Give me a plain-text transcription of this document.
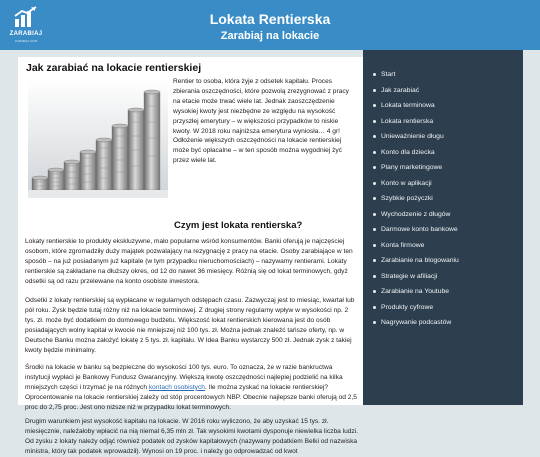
ZARABIAJ
ZARABIAJ.COM
Lokata Rentierska
Zarabiaj na lokacie
Jak zarabiać na lokacie rentierskiej

Rentier to osoba, która żyje z odsetek kapitału. Proces zbierania oszczędności, które pozwolą zrezygnować z pracy na etacie może trwać wiele lat. Jednak zaoszczędzenie wysokiej kwoty jest niezbędne ze względu na wysokość przyszłej emerytury – w większości przypadków to niskie kwoty. W 2018 roku najniższa emerytura wyniosła… 4 gr! Odłożenie większych oszczędności na lokacie rentierskiej może być opłacalne – w ten sposób można wygodniej żyć przez wiele lat.

Czym jest lokata rentierska?

Lokaty rentierskie to produkty ekskluzywne, mało popularne wśród konsumentów. Banki oferują je najczęściej osobom, które zgromadziły duży majątek pozwalający na rezygnację z pracy na etacie. Osoby zarabiające w ten sposób – na już posiadanym już kapitale (w tym przypadku nieruchomościach) – nazywamy rentierami. Lokaty rentierskie są zakładane na dłuższy okres, od 12 do nawet 36 miesięcy. Różnią się od lokat terminowych, gdyż odsetki są od razu przelewane na konto osobiste inwestora.

Odsetki z lokaty rentierskiej są wypłacane w regularnych odstępach czasu. Zazwyczaj jest to miesiąc, kwartał lub pół roku. Zysk będzie tutaj różny niż na lokacie terminowej. Z drugiej strony regularny wpływ w wysokości np. 2 tys. zł. może być dodatkiem do domowego budżetu. Większość lokat rentierskich kierowana jest do osób posiadających wolny kapitał w kwocie nie mniejszej niż 100 tys. zł. Można jednak znaleźć tańsze oferty, np. w Deutsche Banku można założyć lokatę z 5 tys. zł. kapitału. W Idea Banku wystarczy 500 zł. Jednak zysk z takiej kwoty będzie minimalny.

Środki na lokacie w banku są bezpieczne do wysokości 100 tys. euro. To oznacza, że w razie bankructwa instytucji wypłaci je Bankowy Fundusz Gwarancyjny. Większą kwotę oszczędności najlepiej podzielić na kilka mniejszych części i trzymać je na różnych kontach osobistych. Ile można zyskać na lokacie rentierskiej? Oprocentowanie na lokacie rentierskiej zależy od stóp procentowych NBP. Obecnie najlepsze banki oferują od 2,5 proc do 2,75 proc. Jest ono niższe niż w przypadku lokat terminowych.

Drugim warunkiem jest wysokość kapitału na lokacie. W 2016 roku wyliczono, że aby uzyskać 15 tys. zł. miesięcznie, należałoby wpłacić na nią niemal 6,35 mln zł. Tak wysokimi kwotami dysponuje niewielka liczba ludzi. Od zysku z lokaty należy odjąć również podatek od zysków kapitałowych (nazywany podatkiem Belki od nazwiska ministra, który tak podatek wprowadził). Wynosi on 19 proc. i należy go odprowadzać od kwot

Start
Jak zarabiać
Lokata terminowa
Lokata rentierska
Unieważnienie długu
Konto dla dziecka
Plany marketingowe
Konto w aplikacji
Szybkie pożyczki
Wychodzenie z długów
Darmowe konto bankowe
Konta firmowe
Zarabianie na blogowaniu
Strategie w afiliacji
Zarabianie na Youtube
Produkty cyfrowe
Nagrywanie podcastów
